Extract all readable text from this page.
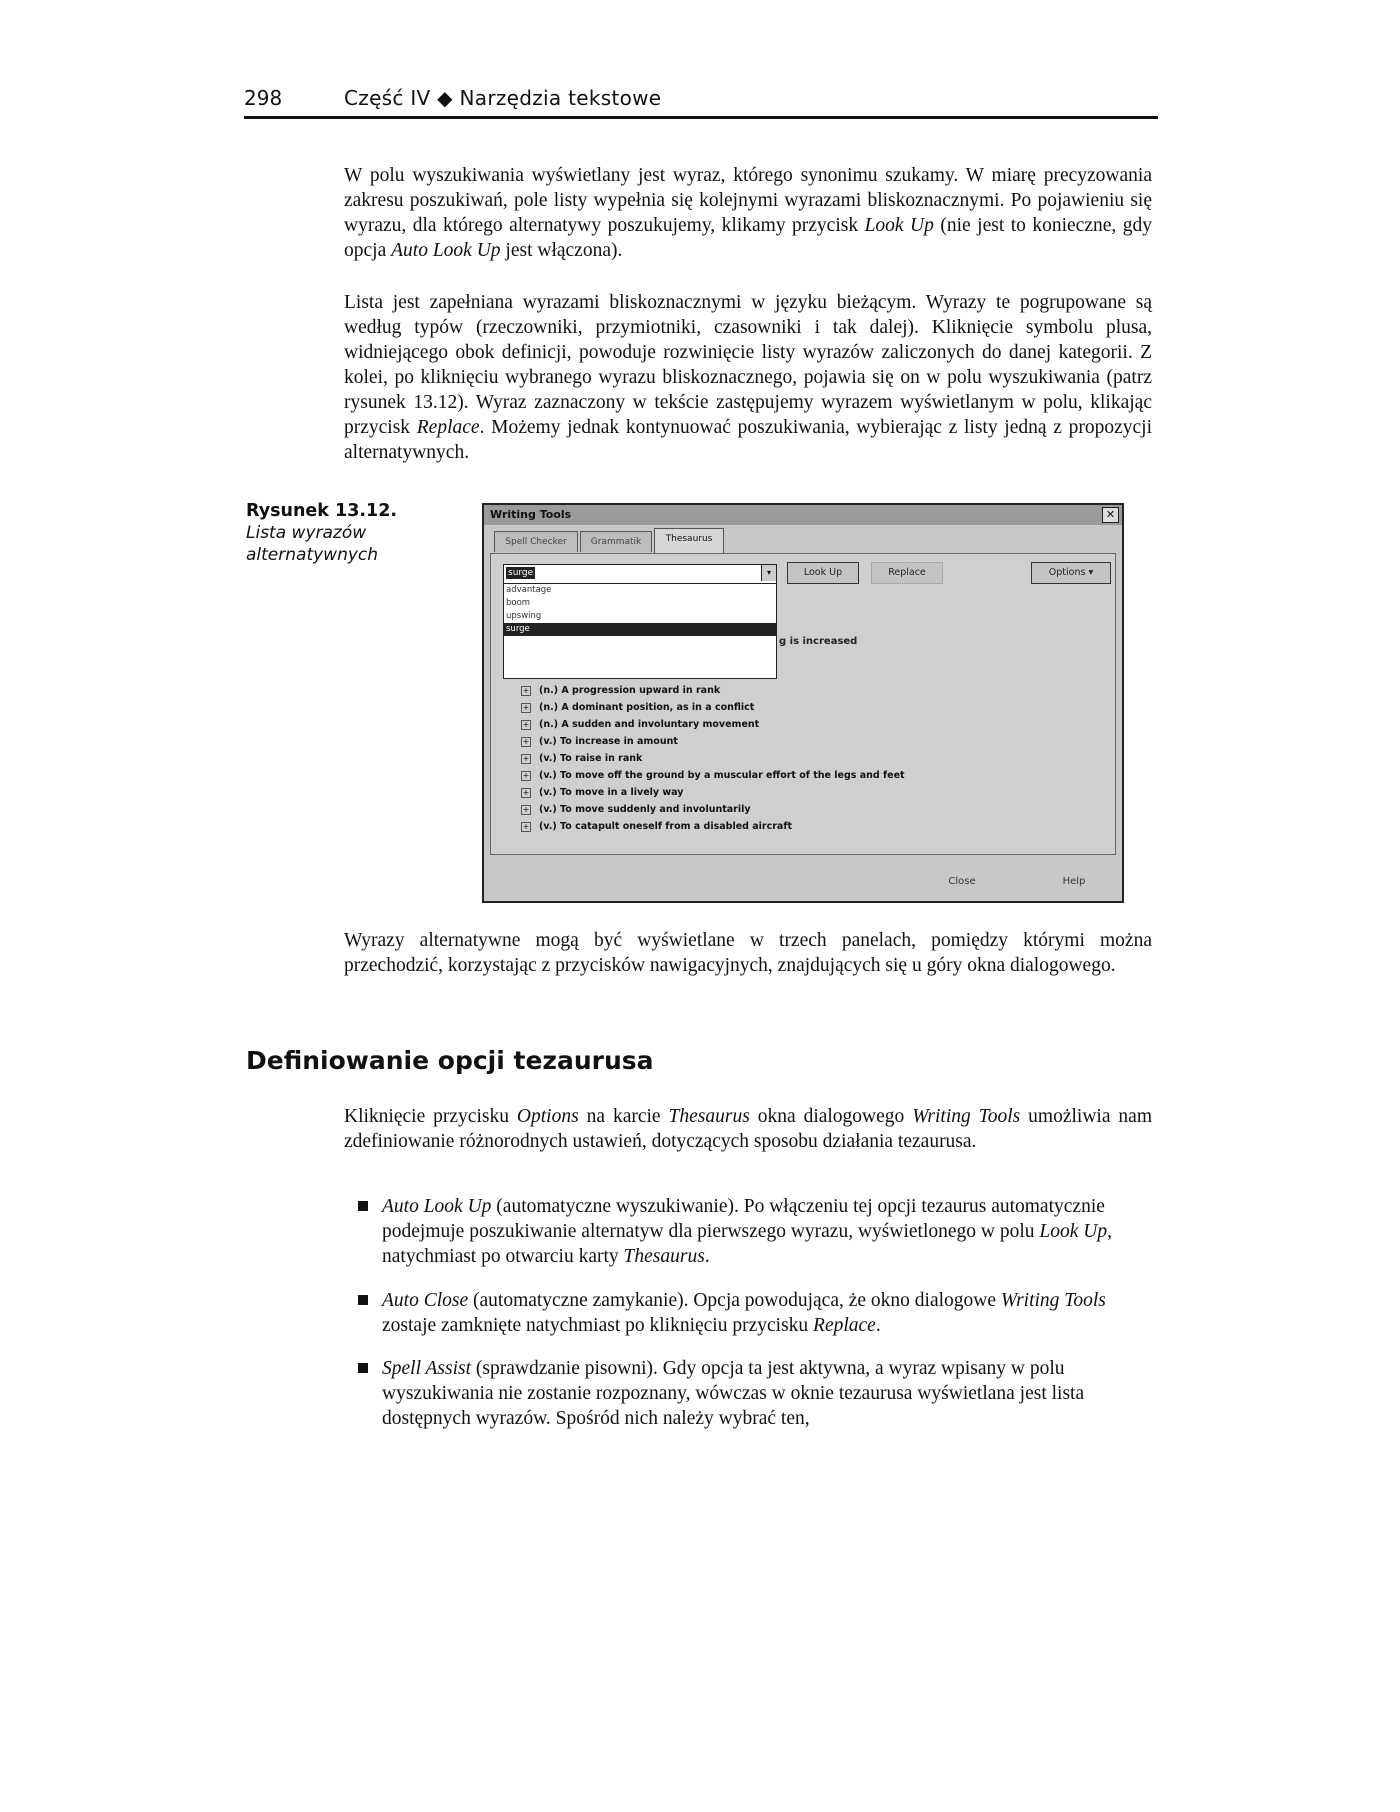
298	Część IV ◆ Narzędzia tekstowe

W polu wyszukiwania wyświetlany jest wyraz, którego synonimu szukamy. W miarę precyzowania zakresu poszukiwań, pole listy wypełnia się kolejnymi wyrazami bliskoznacznymi. Po pojawieniu się wyrazu, dla którego alternatywy poszukujemy, klikamy przycisk Look Up (nie jest to konieczne, gdy opcja Auto Look Up jest włączona).

Lista jest zapełniana wyrazami bliskoznacznymi w języku bieżącym. Wyrazy te pogrupowane są według typów (rzeczowniki, przymiotniki, czasowniki i tak dalej). Kliknięcie symbolu plusa, widniejącego obok definicji, powoduje rozwinięcie listy wyrazów zaliczonych do danej kategorii. Z kolei, po kliknięciu wybranego wyrazu bliskoznacznego, pojawia się on w polu wyszukiwania (patrz rysunek 13.12). Wyraz zaznaczony w tekście zastępujemy wyrazem wyświetlanym w polu, klikając przycisk Replace. Możemy jednak kontynuować poszukiwania, wybierając z listy jedną z propozycji alternatywnych.

Rysunek 13.12.
Lista wyrazów
alternatywnych
Writing Tools	✕
Spell Checker	Grammatik	Thesaurus
surge	▾	Look Up	Replace	Options ▾
advantage
boom
upswing
surge
g is increased
+ (n.) A progression upward in rank
+ (n.) A dominant position, as in a conflict
+ (n.) A sudden and involuntary movement
+ (v.) To increase in amount
+ (v.) To raise in rank
+ (v.) To move off the ground by a muscular effort of the legs and feet
+ (v.) To move in a lively way
+ (v.) To move suddenly and involuntarily
+ (v.) To catapult oneself from a disabled aircraft
Close	Help

Wyrazy alternatywne mogą być wyświetlane w trzech panelach, pomiędzy którymi można przechodzić, korzystając z przycisków nawigacyjnych, znajdujących się u góry okna dialogowego.

Definiowanie opcji tezaurusa

Kliknięcie przycisku Options na karcie Thesaurus okna dialogowego Writing Tools umożliwia nam zdefiniowanie różnorodnych ustawień, dotyczących sposobu działania tezaurusa.

Auto Look Up (automatyczne wyszukiwanie). Po włączeniu tej opcji tezaurus automatycznie podejmuje poszukiwanie alternatyw dla pierwszego wyrazu, wyświetlonego w polu Look Up, natychmiast po otwarciu karty Thesaurus.

Auto Close (automatyczne zamykanie). Opcja powodująca, że okno dialogowe Writing Tools zostaje zamknięte natychmiast po kliknięciu przycisku Replace.

Spell Assist (sprawdzanie pisowni). Gdy opcja ta jest aktywna, a wyraz wpisany w polu wyszukiwania nie zostanie rozpoznany, wówczas w oknie tezaurusa wyświetlana jest lista dostępnych wyrazów. Spośród nich należy wybrać ten,
